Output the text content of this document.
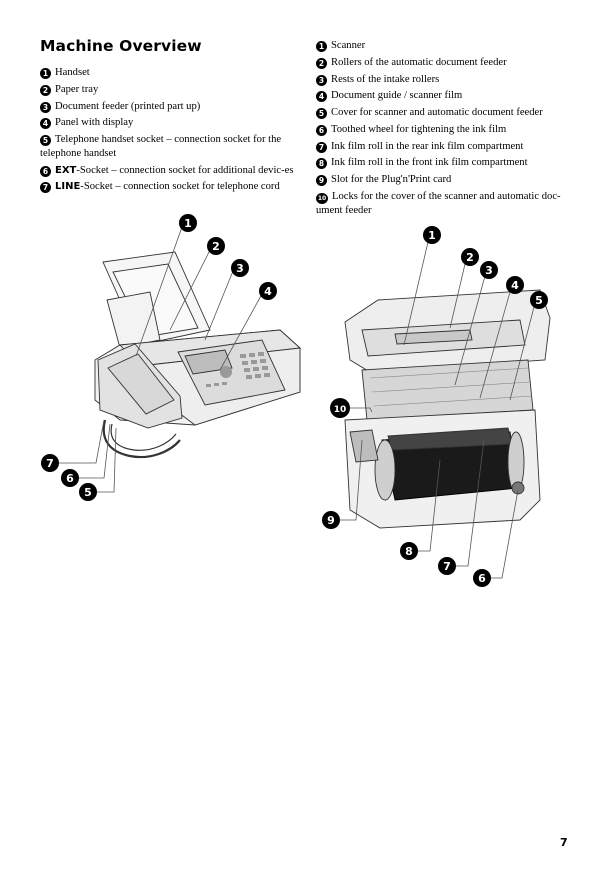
Machine Overview
1 Handset
2 Paper tray
3 Document feeder (printed part up)
4 Panel with display
5 Telephone handset socket – connection socket for the telephone handset
6 EXT-Socket – connection socket for additional devic-es
7 LINE-Socket – connection socket for telephone cord
1 Scanner
2 Rollers of the automatic document feeder
3 Rests of the intake rollers
4 Document guide / scanner film
5 Cover for scanner and automatic document feeder
6 Toothed wheel for tightening the ink film
7 Ink film roll in the rear ink film compartment
8 Ink film roll in the front ink film compartment
9 Slot for the Plug'n'Print card
10 Locks for the cover of the scanner and automatic doc-ument feeder
1
2
3
4
7
6
5
1
2
3
4
5
10
9
8
7
6
7
